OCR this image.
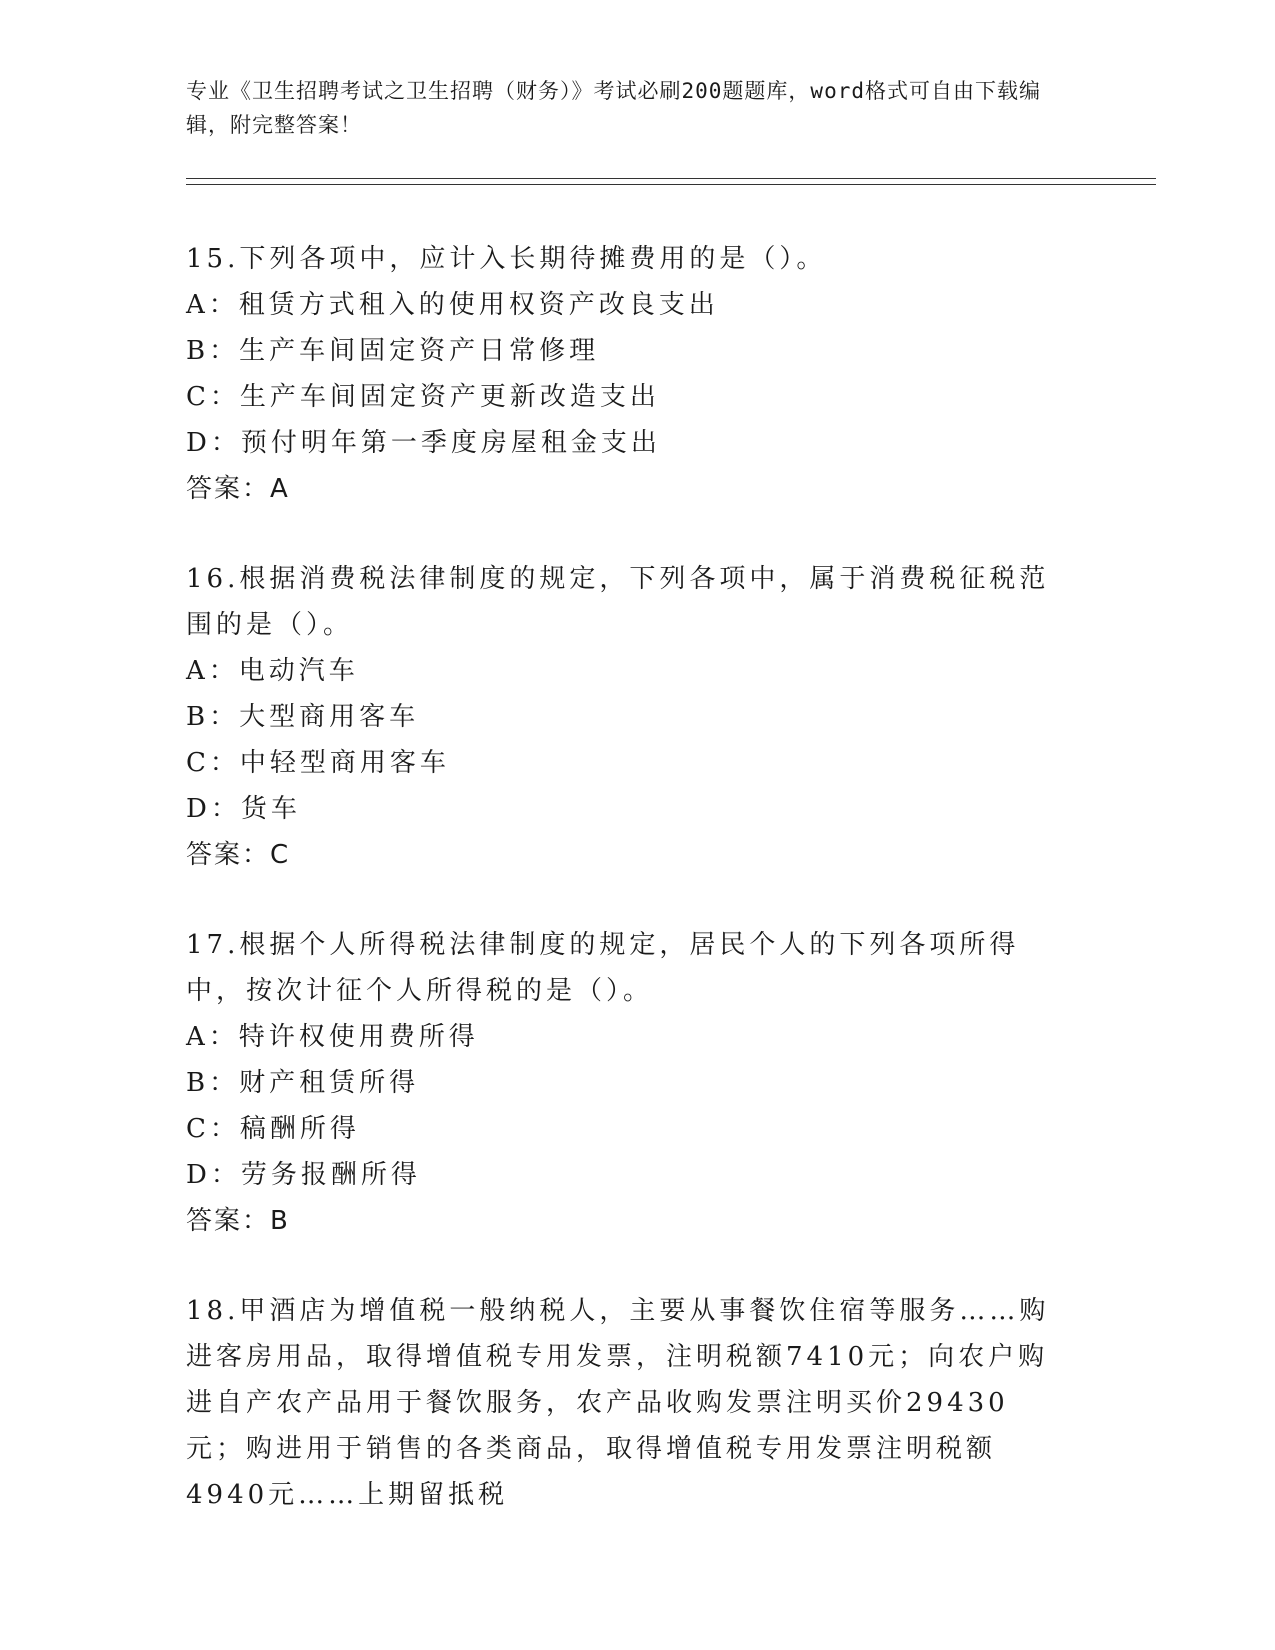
专业《卫生招聘考试之卫生招聘（财务）》考试必刷200题题库，word格式可自由下载编辑，附完整答案！
15.下列各项中，应计入长期待摊费用的是（）。
A：租赁方式租入的使用权资产改良支出
B：生产车间固定资产日常修理
C：生产车间固定资产更新改造支出
D：预付明年第一季度房屋租金支出
答案：A
16.根据消费税法律制度的规定，下列各项中，属于消费税征税范围的是（）。
A：电动汽车
B：大型商用客车
C：中轻型商用客车
D：货车
答案：C
17.根据个人所得税法律制度的规定，居民个人的下列各项所得中，按次计征个人所得税的是（）。
A：特许权使用费所得
B：财产租赁所得
C：稿酬所得
D：劳务报酬所得
答案：B
18.甲酒店为增值税一般纳税人，主要从事餐饮住宿等服务……购进客房用品，取得增值税专用发票，注明税额7410元；向农户购进自产农产品用于餐饮服务，农产品收购发票注明买价29430元；购进用于销售的各类商品，取得增值税专用发票注明税额4940元……上期留抵税
